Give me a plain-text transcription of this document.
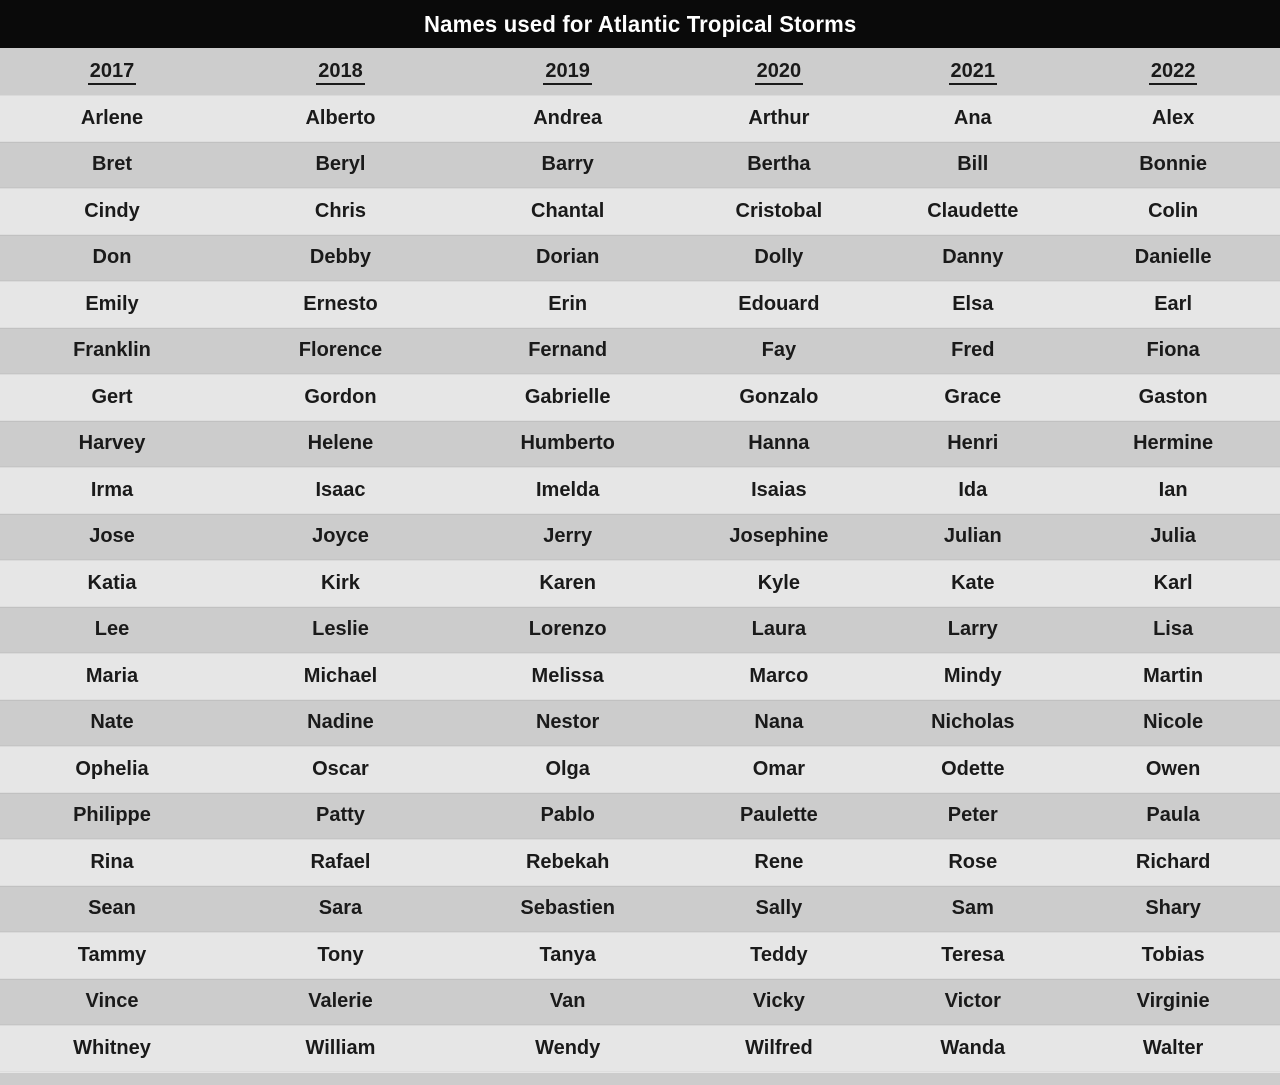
Names used for Atlantic Tropical Storms
2017	2018	2019	2020	2021	2022
Arlene	Alberto	Andrea	Arthur	Ana	Alex
Bret	Beryl	Barry	Bertha	Bill	Bonnie
Cindy	Chris	Chantal	Cristobal	Claudette	Colin
Don	Debby	Dorian	Dolly	Danny	Danielle
Emily	Ernesto	Erin	Edouard	Elsa	Earl
Franklin	Florence	Fernand	Fay	Fred	Fiona
Gert	Gordon	Gabrielle	Gonzalo	Grace	Gaston
Harvey	Helene	Humberto	Hanna	Henri	Hermine
Irma	Isaac	Imelda	Isaias	Ida	Ian
Jose	Joyce	Jerry	Josephine	Julian	Julia
Katia	Kirk	Karen	Kyle	Kate	Karl
Lee	Leslie	Lorenzo	Laura	Larry	Lisa
Maria	Michael	Melissa	Marco	Mindy	Martin
Nate	Nadine	Nestor	Nana	Nicholas	Nicole
Ophelia	Oscar	Olga	Omar	Odette	Owen
Philippe	Patty	Pablo	Paulette	Peter	Paula
Rina	Rafael	Rebekah	Rene	Rose	Richard
Sean	Sara	Sebastien	Sally	Sam	Shary
Tammy	Tony	Tanya	Teddy	Teresa	Tobias
Vince	Valerie	Van	Vicky	Victor	Virginie
Whitney	William	Wendy	Wilfred	Wanda	Walter
